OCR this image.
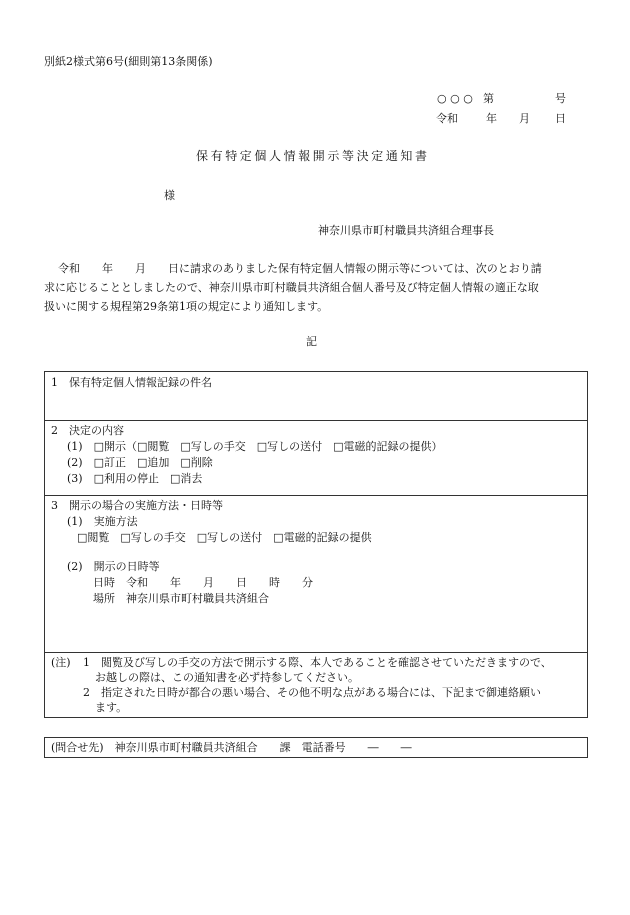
別紙2様式第6号(細則第13条関係)
○ ○ ○ 第	号
令和	年 月 日
保有特定個人情報開示等決定通知書
様
神奈川県市町村職員共済組合理事長
令和　　年　　月　　日に請求のありました保有特定個人情報の開示等については、次のとおり請
求に応じることとしましたので、神奈川県市町村職員共済組合個人番号及び特定個人情報の適正な取
扱いに関する規程第29条第1項の規定により通知します。
記
1　保有特定個人情報記録の件名
2　決定の内容
(1)　□開示（□閲覧　□写しの手交　□写しの送付　□電磁的記録の提供）
(2)　□訂正　□追加　□削除
(3)　□利用の停止　□消去
3　開示の場合の実施方法・日時等
(1)　実施方法
□閲覧　□写しの手交　□写しの送付　□電磁的記録の提供
(2)　開示の日時等
日時　令和　　年　　月　　日　　時　　分
場所　神奈川県市町村職員共済組合
(注) 1　閲覧及び写しの手交の方法で開示する際、本人であることを確認させていただきますので、
お越しの際は、この通知書を必ず持参してください。
2　指定された日時が都合の悪い場合、その他不明な点がある場合には、下記まで御連絡願い
ます。
(問合せ先)　神奈川県市町村職員共済組合　　課　電話番号　　―　　―
